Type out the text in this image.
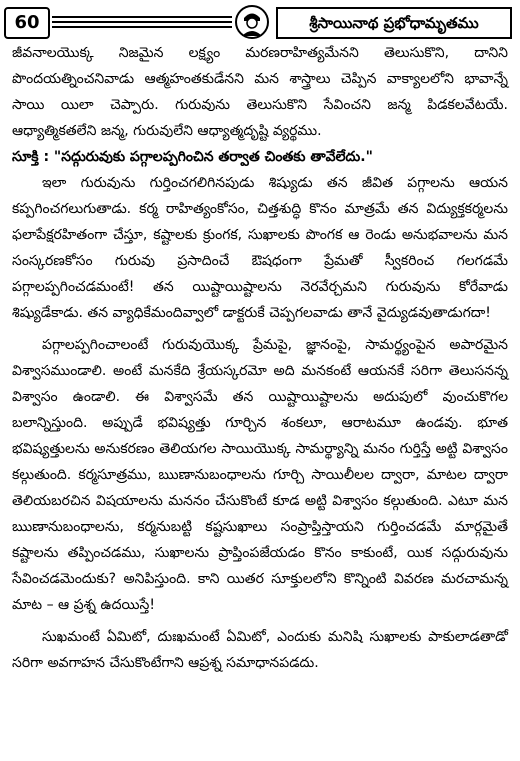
60	శ్రీసాయినాథ ప్రభోధామృతము

జీవనాలయొక్క నిజమైన లక్ష్యం మరణరాహిత్యమేనని తెలుసుకొని, దానిని పొందయత్నించనివాడు ఆత్మహంతకుడేనని మన శాస్త్రాలు చెప్పిన వాక్యాలలోని భావాన్నే సాయి యిలా చెప్పారు. గురువును తెలుసుకొని సేవించని జన్మ పిడకలవేటయే. ఆధ్యాత్మికతలేని జన్మ, గురువులేని ఆధ్యాత్మదృష్టి వ్యర్థము.

సూక్తి : "సద్గురువుకు పగ్గాలప్పగించిన తర్వాత చింతకు తావేలేదు."

ఇలా గురువును గుర్తించగలిగినపుడు శిష్యుడు తన జీవిత పగ్గాలను ఆయన కప్పగించగలుగుతాడు. కర్మ రాహిత్యంకోసం, చిత్తశుద్ధి కొనం మాత్రమే తన విద్యుక్తకర్మలను ఫలాపేక్షరహితంగా చేస్తూ, కష్టాలకు క్రుంగక, సుఖాలకు పొంగక ఆ రెండు అనుభవాలను మన సంస్కరణకోసం గురువు ప్రసాదించే ఔషధంగా ప్రేమతో స్వీకరించ గలగడమే పగ్గాలప్పగించడమంటే! తన యిష్టాయిష్టాలను నెరవేర్చమని గురువును కోరేవాడు శిష్యుడేకాడు. తన వ్యాధికేమందివ్వాలో డాక్టరుకే చెప్పగలవాడు తానే వైద్యుడవుతాడుగదా!

పగ్గాలప్పగించాలంటే గురువుయొక్క ప్రేమపై, జ్ఞానంపై, సామర్థ్యంపైన అపారమైన విశ్వాసముండాలి. అంటే మనకేది శ్రేయస్కరమో అది మనకంటే ఆయనకే సరిగా తెలుసనన్న విశ్వాసం ఉండాలి. ఈ విశ్వాసమే తన యిష్టాయిష్టాలను అదుపులో వుంచుకొగల బలాన్నిస్తుంది. అప్పుడే భవిష్యత్తు గూర్చిన శంకలూ, ఆరాటమూ ఉండవు. భూత భవిష్యత్తులను అనుకరణం తెలియగల సాయియొక్క సామర్థ్యాన్ని మనం గుర్తిస్తే అట్టి విశ్వాసం కల్గుతుంది. కర్మసూత్రము, ఋణానుబంధాలను గూర్చి సాయిలీలల ద్వారా, మాటల ద్వారా తెలియబరచిన విషయాలను మననం చేసుకొంటే కూడ అట్టి విశ్వాసం కల్గుతుంది. ఎటూ మన ఋణానుబంధాలను, కర్మనుబట్టి కష్టసుఖాలు సంప్రాప్తిస్తాయని గుర్తించడమే మార్గమైతే కష్టాలను తప్పించడము, సుఖాలను ప్రాప్తింపజేయడం కొనం కాకుంటే, యిక సద్గురువును సేవించడమెందుకు? అనిపిస్తుంది. కాని యితర సూక్తులలోని కొన్నింటి వివరణ మరచామన్న మాట – ఆ ప్రశ్న ఉదయిస్తే!

సుఖమంటే ఏమిటో, దుఃఖమంటే ఏమిటో, ఎందుకు మనిషి సుఖాలకు పాకులాడతాడో సరిగా అవగాహన చేసుకొంటేగాని ఆప్రశ్న సమాధానపడదు.
